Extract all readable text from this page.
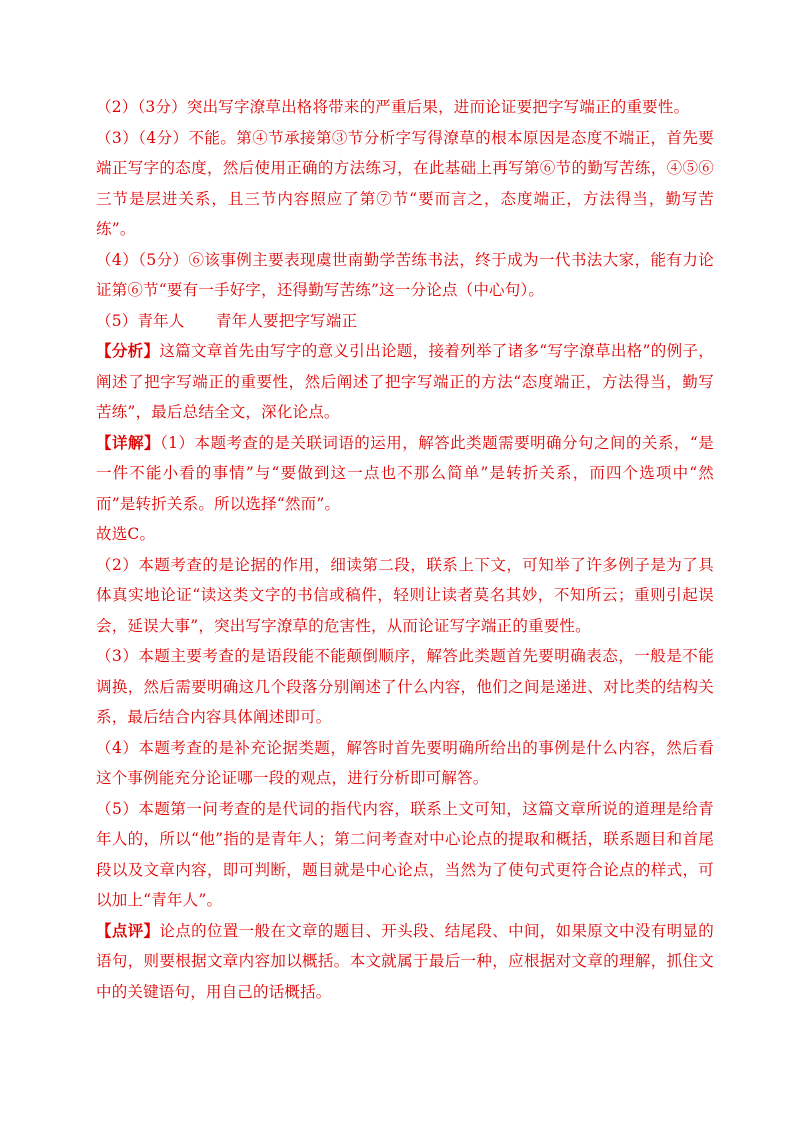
（2）（3分）突出写字潦草出格将带来的严重后果，进而论证要把字写端正的重要性。

（3）（4分）不能。第④节承接第③节分析字写得潦草的根本原因是态度不端正，首先要端正写字的态度，然后使用正确的方法练习，在此基础上再写第⑥节的勤写苦练，④⑤⑥三节是层进关系，且三节内容照应了第⑦节“要而言之，态度端正，方法得当，勤写苦练”。

（4）（5分）⑥该事例主要表现虞世南勤学苦练书法，终于成为一代书法大家，能有力论证第⑥节“要有一手好字，还得勤写苦练”这一分论点（中心句）。

（5）青年人　　青年人要把字写端正

【分析】这篇文章首先由写字的意义引出论题，接着列举了诸多“写字潦草出格”的例子，阐述了把字写端正的重要性，然后阐述了把字写端正的方法“态度端正，方法得当，勤写苦练”，最后总结全文，深化论点。

【详解】（1）本题考查的是关联词语的运用，解答此类题需要明确分句之间的关系，“是一件不能小看的事情”与“要做到这一点也不那么简单”是转折关系，而四个选项中“然而”是转折关系。所以选择“然而”。

故选C。

（2）本题考查的是论据的作用，细读第二段，联系上下文，可知举了许多例子是为了具体真实地论证“读这类文字的书信或稿件，轻则让读者莫名其妙，不知所云；重则引起误会，延误大事”，突出写字潦草的危害性，从而论证写字端正的重要性。

（3）本题主要考查的是语段能不能颠倒顺序，解答此类题首先要明确表态，一般是不能调换，然后需要明确这几个段落分别阐述了什么内容，他们之间是递进、对比类的结构关系，最后结合内容具体阐述即可。

（4）本题考查的是补充论据类题，解答时首先要明确所给出的事例是什么内容，然后看这个事例能充分论证哪一段的观点，进行分析即可解答。

（5）本题第一问考查的是代词的指代内容，联系上文可知，这篇文章所说的道理是给青年人的，所以“他”指的是青年人；第二问考查对中心论点的提取和概括，联系题目和首尾段以及文章内容，即可判断，题目就是中心论点，当然为了使句式更符合论点的样式，可以加上“青年人”。

【点评】论点的位置一般在文章的题目、开头段、结尾段、中间，如果原文中没有明显的语句，则要根据文章内容加以概括。本文就属于最后一种，应根据对文章的理解，抓住文中的关键语句，用自己的话概括。
